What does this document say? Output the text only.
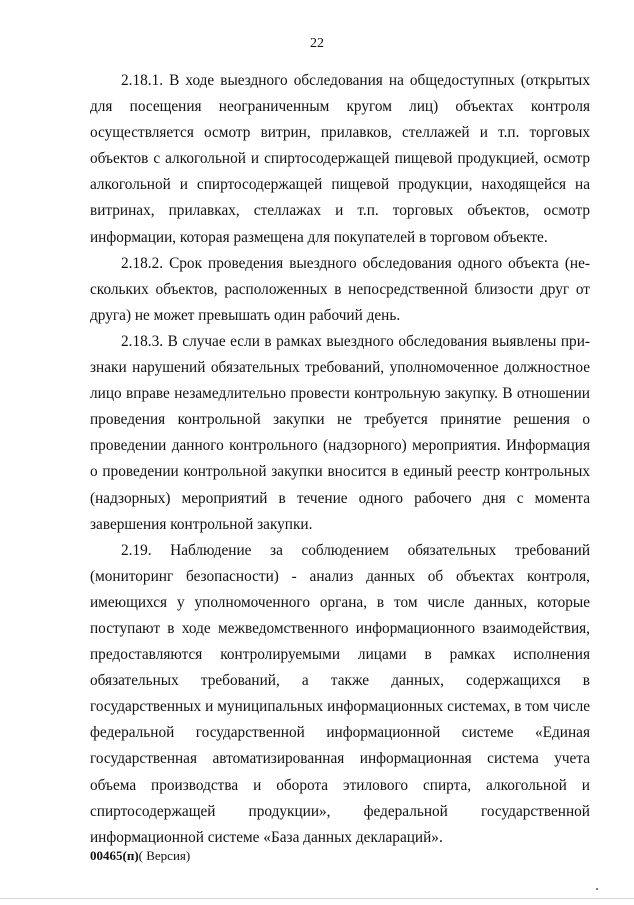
22

2.18.1. В ходе выездного обследования на общедоступных (открытых для посещения неограниченным кругом лиц) объектах контроля осуществляется осмотр витрин, прилавков, стеллажей и т.п. торговых объектов с алкогольной и спиртосодержащей пищевой продукцией, осмотр алкогольной и спиртосодержащей пищевой продукции, находящейся на витринах, прилавках, стеллажах и т.п. торговых объектов, осмотр информации, которая размещена для покупателей в торговом объекте.

2.18.2. Срок проведения выездного обследования одного объекта (нескольких объектов, расположенных в непосредственной близости друг от друга) не может превышать один рабочий день.

2.18.3. В случае если в рамках выездного обследования выявлены признаки нарушений обязательных требований, уполномоченное должностное лицо вправе незамедлительно провести контрольную закупку. В отношении проведения контрольной закупки не требуется принятие решения о проведении данного контрольного (надзорного) мероприятия. Информация о проведении контрольной закупки вносится в единый реестр контрольных (надзорных) мероприятий в течение одного рабочего дня с момента завершения контрольной закупки.

2.19. Наблюдение за соблюдением обязательных требований (мониторинг безопасности) - анализ данных об объектах контроля, имеющихся у уполномоченного органа, в том числе данных, которые поступают в ходе межведомственного информационного взаимодействия, предоставляются контролируемыми лицами в рамках исполнения обязательных требований, а также данных, содержащихся в государственных и муниципальных информационных системах, в том числе федеральной государственной информационной системе «Единая государственная автоматизированная информационная система учета объема производства и оборота этилового спирта, алкогольной и спиртосодержащей продукции», федеральной государственной информационной системе «База данных деклараций».

00465(п)( Версия)
